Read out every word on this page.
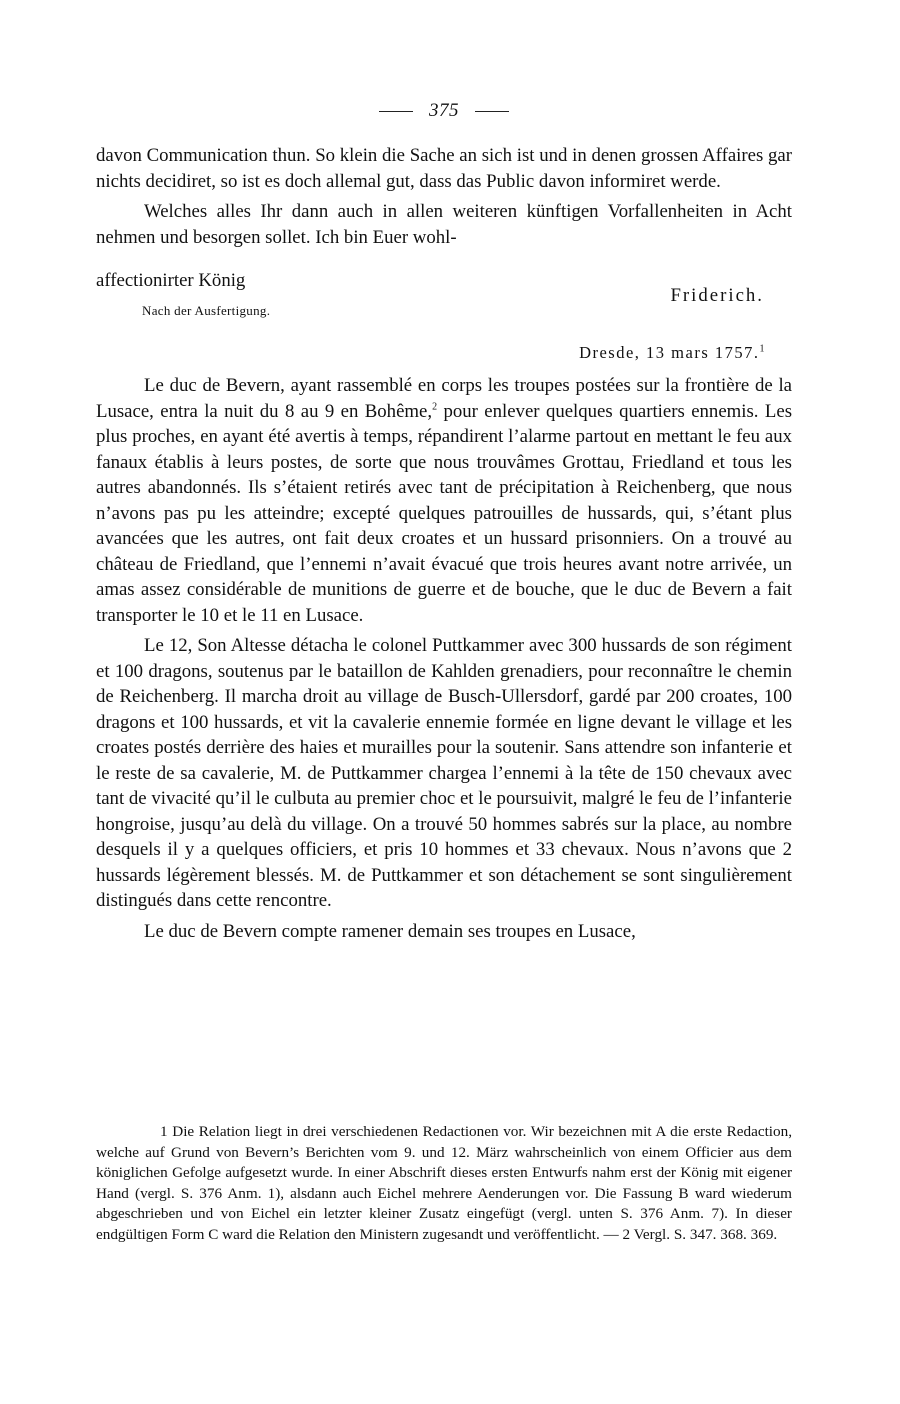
375

davon Communication thun. So klein die Sache an sich ist und in denen grossen Affaires gar nichts decidiret, so ist es doch allemal gut, dass das Public davon informiret werde.

Welches alles Ihr dann auch in allen weiteren künftigen Vorfallenheiten in Acht nehmen und besorgen sollet. Ich bin Euer wohl-

affectionirter König
Friderich.
Nach der Ausfertigung.
Dresde, 13 mars 1757.$^1$

Le duc de Bevern, ayant rassemblé en corps les troupes postées sur la frontière de la Lusace, entra la nuit du 8 au 9 en Bohême,$^2$ pour enlever quelques quartiers ennemis. Les plus proches, en ayant été avertis à temps, répandirent l’alarme partout en mettant le feu aux fanaux établis à leurs postes, de sorte que nous trouvâmes Grottau, Friedland et tous les autres abandonnés. Ils s’étaient retirés avec tant de précipitation à Reichenberg, que nous n’avons pas pu les atteindre; excepté quelques patrouilles de hussards, qui, s’étant plus avancées que les autres, ont fait deux croates et un hussard prisonniers. On a trouvé au château de Friedland, que l’ennemi n’avait évacué que trois heures avant notre arrivée, un amas assez considérable de munitions de guerre et de bouche, que le duc de Bevern a fait transporter le 10 et le 11 en Lusace.

Le 12, Son Altesse détacha le colonel Puttkammer avec 300 hussards de son régiment et 100 dragons, soutenus par le bataillon de Kahlden grenadiers, pour reconnaître le chemin de Reichenberg. Il marcha droit au village de Busch-Ullersdorf, gardé par 200 croates, 100 dragons et 100 hussards, et vit la cavalerie ennemie formée en ligne devant le village et les croates postés derrière des haies et murailles pour la soutenir. Sans attendre son infanterie et le reste de sa cavalerie, M. de Puttkammer chargea l’ennemi à la tête de 150 chevaux avec tant de vivacité qu’il le culbuta au premier choc et le poursuivit, malgré le feu de l’infanterie hongroise, jusqu’au delà du village. On a trouvé 50 hommes sabrés sur la place, au nombre desquels il y a quelques officiers, et pris 10 hommes et 33 chevaux. Nous n’avons que 2 hussards légèrement blessés. M. de Puttkammer et son détachement se sont singulièrement distingués dans cette rencontre.

Le duc de Bevern compte ramener demain ses troupes en Lusace,

1 Die Relation liegt in drei verschiedenen Redactionen vor. Wir bezeichnen mit A die erste Redaction, welche auf Grund von Bevern’s Berichten vom 9. und 12. März wahrscheinlich von einem Officier aus dem königlichen Gefolge aufgesetzt wurde. In einer Abschrift dieses ersten Entwurfs nahm erst der König mit eigener Hand (vergl. S. 376 Anm. 1), alsdann auch Eichel mehrere Aenderungen vor. Die Fassung B ward wiederum abgeschrieben und von Eichel ein letzter kleiner Zusatz eingefügt (vergl. unten S. 376 Anm. 7). In dieser endgültigen Form C ward die Relation den Ministern zugesandt und veröffentlicht. — 2 Vergl. S. 347. 368. 369.
